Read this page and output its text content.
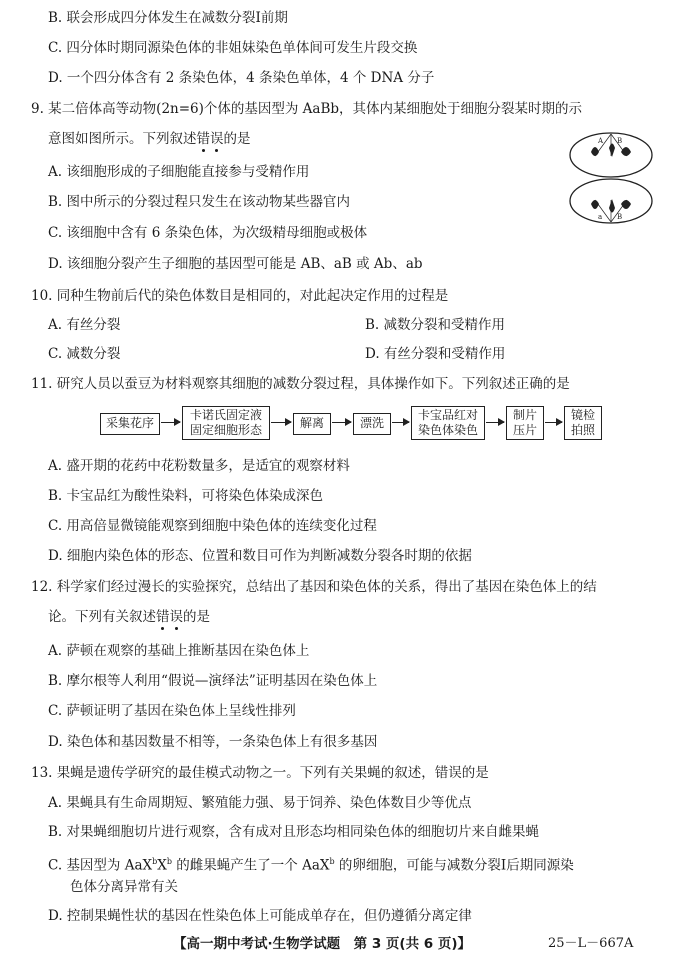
B. 联会形成四分体发生在减数分裂Ⅰ前期
C. 四分体时期同源染色体的非姐妹染色单体间可发生片段交换
D. 一个四分体含有 2 条染色体，4 条染色单体，4 个 DNA 分子
9. 某二倍体高等动物(2n=6)个体的基因型为 AaBb，其体内某细胞处于细胞分裂某时期的示
意图如图所示。下列叙述错误的是
A. 该细胞形成的子细胞能直接参与受精作用
B. 图中所示的分裂过程只发生在该动物某些器官内
C. 该细胞中含有 6 条染色体，为次级精母细胞或极体
D. 该细胞分裂产生子细胞的基因型可能是 AB、aB 或 Ab、ab
A B
a B
10. 同种生物前后代的染色体数目是相同的，对此起决定作用的过程是
A. 有丝分裂	B. 减数分裂和受精作用
C. 减数分裂	D. 有丝分裂和受精作用
11. 研究人员以蚕豆为材料观察其细胞的减数分裂过程，具体操作如下。下列叙述正确的是
采集花序
卡诺氏固定液
固定细胞形态	解离	漂洗
卡宝品红对
染色体染色
制片
压片
镜检
拍照
A. 盛开期的花药中花粉数量多，是适宜的观察材料
B. 卡宝品红为酸性染料，可将染色体染成深色
C. 用高倍显微镜能观察到细胞中染色体的连续变化过程
D. 细胞内染色体的形态、位置和数目可作为判断减数分裂各时期的依据
12. 科学家们经过漫长的实验探究，总结出了基因和染色体的关系，得出了基因在染色体上的结
论。下列有关叙述错误的是
A. 萨顿在观察的基础上推断基因在染色体上
B. 摩尔根等人利用“假说—演绎法”证明基因在染色体上
C. 萨顿证明了基因在染色体上呈线性排列
D. 染色体和基因数量不相等，一条染色体上有很多基因
13. 果蝇是遗传学研究的最佳模式动物之一。下列有关果蝇的叙述，错误的是
A. 果蝇具有生命周期短、繁殖能力强、易于饲养、染色体数目少等优点
B. 对果蝇细胞切片进行观察，含有成对且形态均相同染色体的细胞切片来自雌果蝇
C. 基因型为 $AaX^bX^b$ 的雌果蝇产生了一个 AaX$^b$ 的卵细胞，可能与减数分裂Ⅰ后期同源染
色体分离异常有关
D. 控制果蝇性状的基因在性染色体上可能成单存在，但仍遵循分离定律
【高一期中考试·生物学试题　第 3 页(共 6 页)】	25－L－667A
